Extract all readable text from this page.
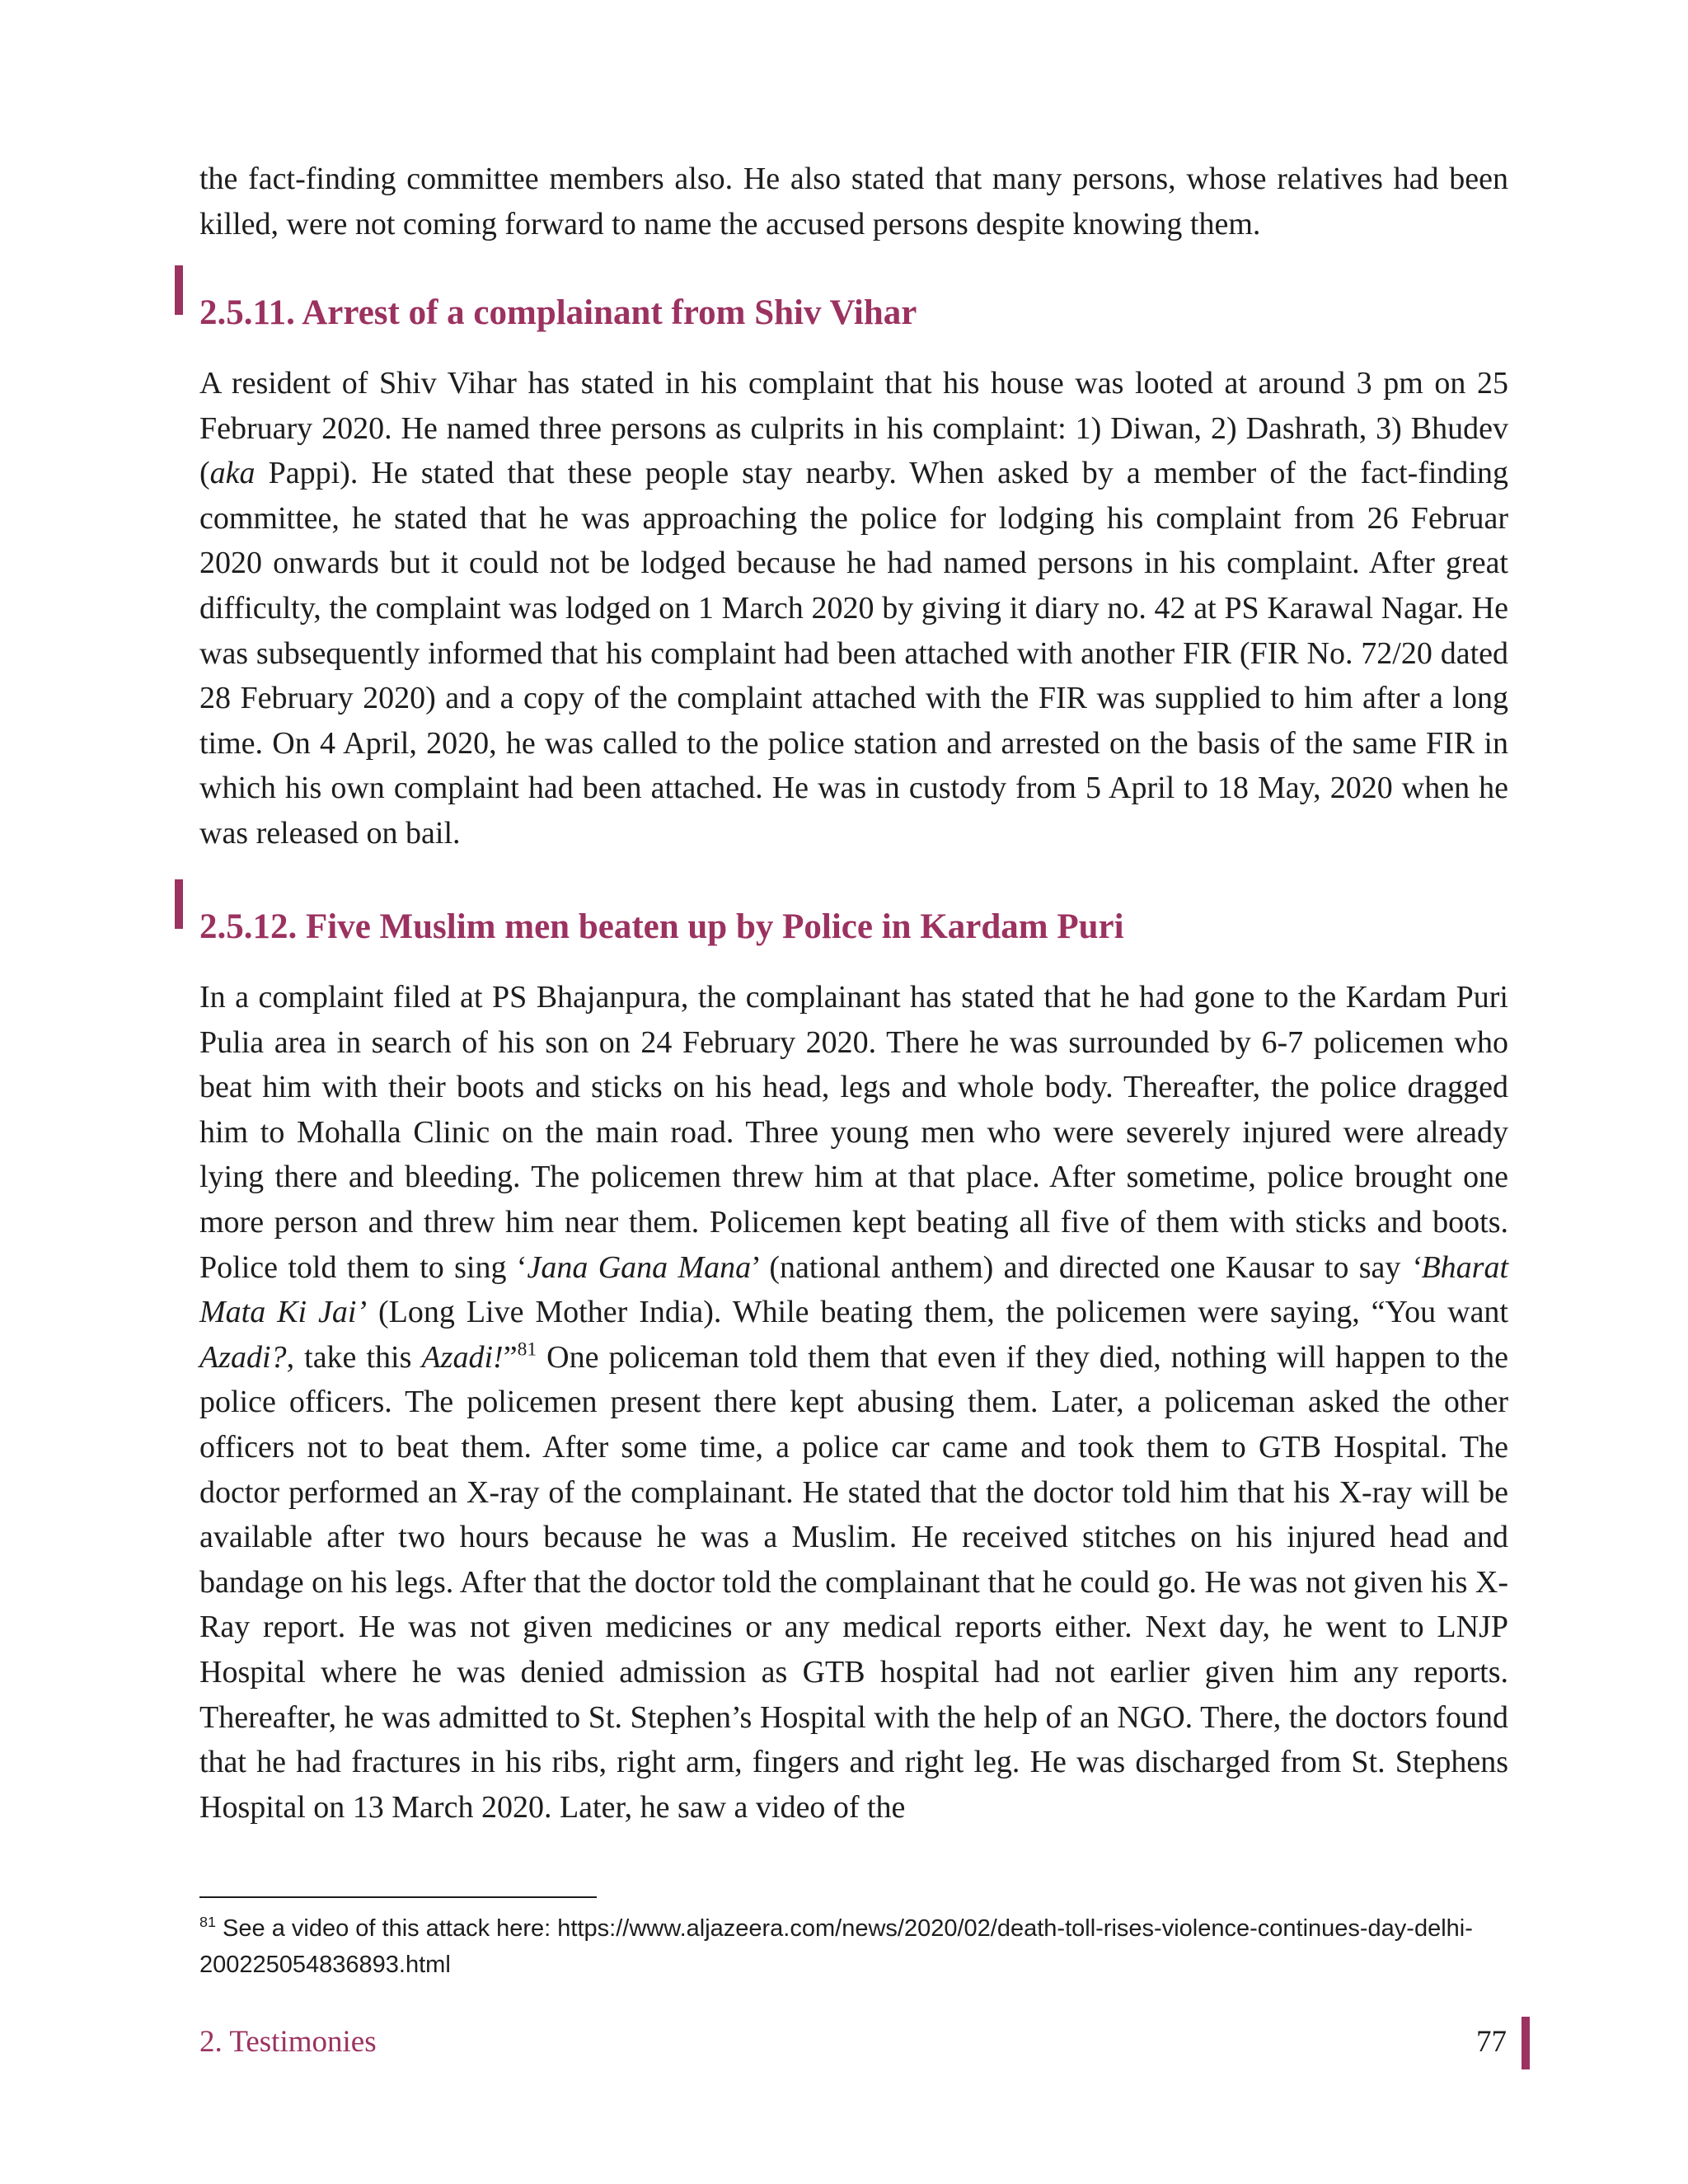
the fact-finding committee members also. He also stated that many persons, whose relatives had been killed, were not coming forward to name the accused persons despite knowing them.

2.5.11. Arrest of a complainant from Shiv Vihar

A resident of Shiv Vihar has stated in his complaint that his house was looted at around 3 pm on 25 February 2020. He named three persons as culprits in his complaint: 1) Diwan, 2) Dashrath, 3) Bhudev (aka Pappi). He stated that these people stay nearby. When asked by a member of the fact-finding committee, he stated that he was approaching the police for lodging his complaint from 26 Februar 2020 onwards but it could not be lodged because he had named persons in his complaint. After great difficulty, the complaint was lodged on 1 March 2020 by giving it diary no. 42 at PS Karawal Nagar. He was subsequently informed that his complaint had been attached with another FIR (FIR No. 72/20 dated 28 February 2020) and a copy of the complaint attached with the FIR was supplied to him after a long time. On 4 April, 2020, he was called to the police station and arrested on the basis of the same FIR in which his own complaint had been attached. He was in custody from 5 April to 18 May, 2020 when he was released on bail.

2.5.12. Five Muslim men beaten up by Police in Kardam Puri

In a complaint filed at PS Bhajanpura, the complainant has stated that he had gone to the Kardam Puri Pulia area in search of his son on 24 February 2020. There he was surrounded by 6-7 policemen who beat him with their boots and sticks on his head, legs and whole body. Thereafter, the police dragged him to Mohalla Clinic on the main road. Three young men who were severely injured were already lying there and bleeding. The policemen threw him at that place. After sometime, police brought one more person and threw him near them. Policemen kept beating all five of them with sticks and boots. Police told them to sing ‘Jana Gana Mana’ (national anthem) and directed one Kausar to say ‘Bharat Mata Ki Jai’ (Long Live Mother India). While beating them, the policemen were saying, “You want Azadi?, take this Azadi!”$^{81}$ One policeman told them that even if they died, nothing will happen to the police officers. The policemen present there kept abusing them. Later, a policeman asked the other officers not to beat them. After some time, a police car came and took them to GTB Hospital. The doctor performed an X-ray of the complainant. He stated that the doctor told him that his X-ray will be available after two hours because he was a Muslim. He received stitches on his injured head and bandage on his legs. After that the doctor told the complainant that he could go. He was not given his X-Ray report. He was not given medicines or any medical reports either. Next day, he went to LNJP Hospital where he was denied admission as GTB hospital had not earlier given him any reports. Thereafter, he was admitted to St. Stephen’s Hospital with the help of an NGO. There, the doctors found that he had fractures in his ribs, right arm, fingers and right leg. He was discharged from St. Stephens Hospital on 13 March 2020. Later, he saw a video of the

$^{81}$ See a video of this attack here: https://www.aljazeera.com/news/2020/02/death-toll-rises-violence-continues-day-delhi-200225054836893.html

2. Testimonies	77
